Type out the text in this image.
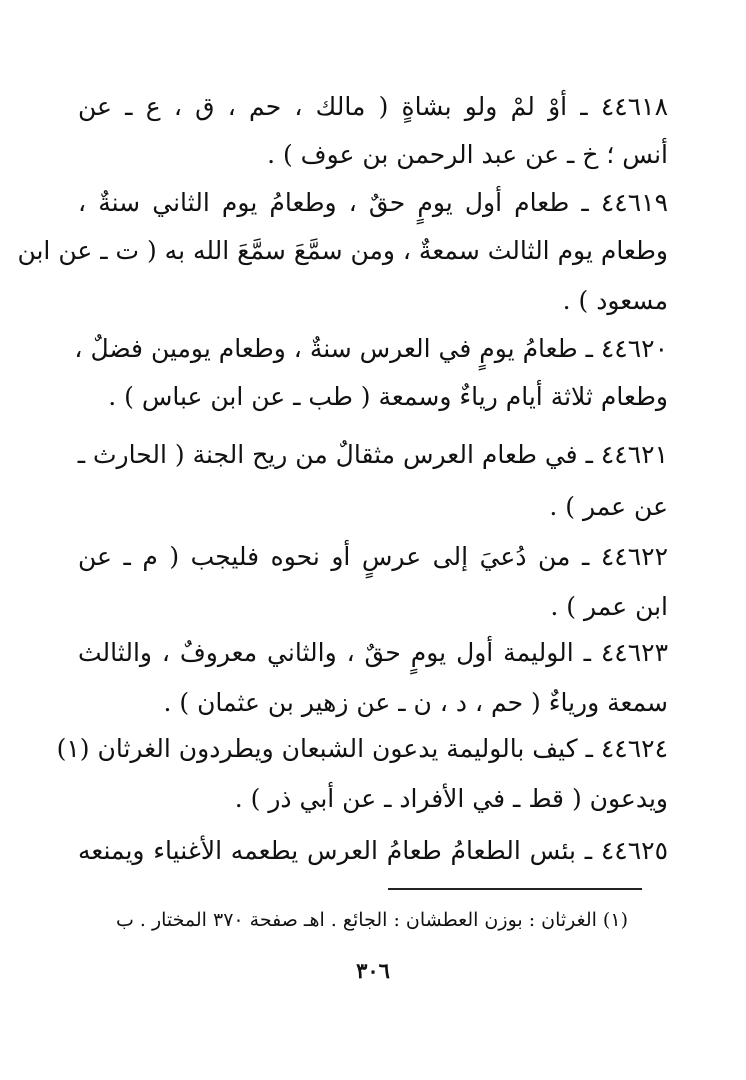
٤٤٦١٨ ـ أوْ لمْ ولو بشاةٍ ( مالك ، حم ، ق ، ع ـ عن
أنس ؛ خ ـ عن عبد الرحمن بن عوف ) .
٤٤٦١٩ ـ طعام أول يومٍ حقٌ ، وطعامُ يوم الثاني سنةٌ ،
وطعام يوم الثالث سمعةٌ ، ومن سمَّعَ سمَّعَ الله به ( ت ـ عن ابن
مسعود ) .
٤٤٦٢٠ ـ طعامُ يومٍ في العرس سنةٌ ، وطعام يومين فضلٌ ،
وطعام ثلاثة أيام رياءٌ وسمعة ( طب ـ عن ابن عباس ) .
٤٤٦٢١ ـ في طعام العرس مثقالٌ من ريح الجنة ( الحارث ـ
عن عمر ) .
٤٤٦٢٢ ـ من دُعيَ إلى عرسٍ أو نحوه فليجب ( م ـ عن
ابن عمر ) .
٤٤٦٢٣ ـ الوليمة أول يومٍ حقٌ ، والثاني معروفٌ ، والثالث
سمعة ورياءٌ ( حم ، د ، ن ـ عن زهير بن عثمان ) .
٤٤٦٢٤ ـ كيف بالوليمة يدعون الشبعان ويطردون الغرثان (١)
ويدعون ( قط ـ في الأفراد ـ عن أبي ذر ) .
٤٤٦٢٥ ـ بئس الطعامُ طعامُ العرس يطعمه الأغنياء ويمنعه
(١) الغرثان : بوزن العطشان : الجائع . اهـ صفحة ٣٧٠ المختار . ب
٣٠٦
